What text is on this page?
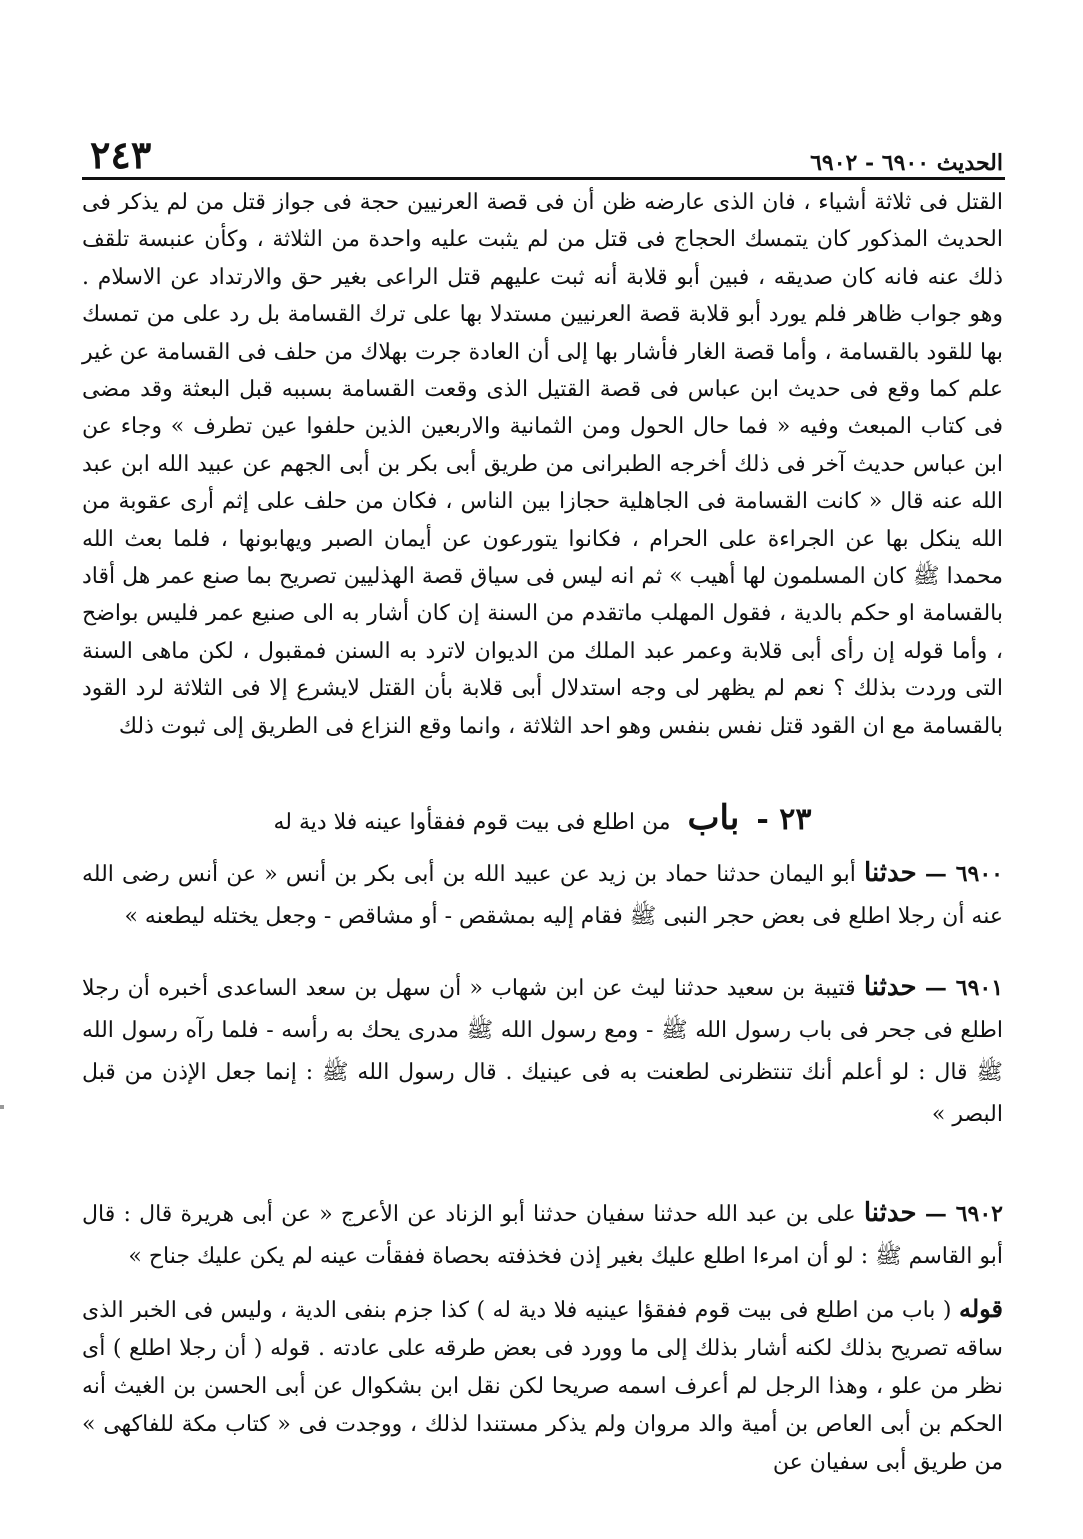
٢٤٣	الحديث ٦٩٠٠ - ٦٩٠٢

القتل فى ثلاثة أشياء ، فان الذى عارضه ظن أن فى قصة العرنيين حجة فى جواز قتل من لم يذكر فى الحديث المذكور كان يتمسك الحجاج فى قتل من لم يثبت عليه واحدة من الثلاثة ، وكأن عنبسة تلقف ذلك عنه فانه كان صديقه ، فبين أبو قلابة أنه ثبت عليهم قتل الراعى بغير حق والارتداد عن الاسلام . وهو جواب ظاهر فلم يورد أبو قلابة قصة العرنيين مستدلا بها على ترك القسامة بل رد على من تمسك بها للقود بالقسامة ، وأما قصة الغار فأشار بها إلى أن العادة جرت بهلاك من حلف فى القسامة عن غير علم كما وقع فى حديث ابن عباس فى قصة القتيل الذى وقعت القسامة بسببه قبل البعثة وقد مضى فى كتاب المبعث وفيه « فما حال الحول ومن الثمانية والاربعين الذين حلفوا عين تطرف » وجاء عن ابن عباس حديث آخر فى ذلك أخرجه الطبرانى من طريق أبى بكر بن أبى الجهم عن عبيد الله ابن عبد الله عنه قال « كانت القسامة فى الجاهلية حجازا بين الناس ، فكان من حلف على إثم أرى عقوبة من الله ينكل بها عن الجراءة على الحرام ، فكانوا يتورعون عن أيمان الصبر ويهابونها ، فلما بعث الله محمدا ﷺ كان المسلمون لها أهيب » ثم انه ليس فى سياق قصة الهذليين تصريح بما صنع عمر هل أقاد بالقسامة او حكم بالدية ، فقول المهلب ماتقدم من السنة إن كان أشار به الى صنيع عمر فليس بواضح ، وأما قوله إن رأى أبى قلابة وعمر عبد الملك من الديوان لاترد به السنن فمقبول ، لكن ماهى السنة التى وردت بذلك ؟ نعم لم يظهر لى وجه استدلال أبى قلابة بأن القتل لايشرع إلا فى الثلاثة لرد القود بالقسامة مع ان القود قتل نفس بنفس وهو احد الثلاثة ، وانما وقع النزاع فى الطريق إلى ثبوت ذلك

٢٣ - باب من اطلع فى بيت قوم ففقأوا عينه فلا دية له

٦٩٠٠ — حدثنا أبو اليمان حدثنا حماد بن زيد عن عبيد الله بن أبى بكر بن أنس « عن أنس رضى الله عنه أن رجلا اطلع فى بعض حجر النبى ﷺ فقام إليه بمشقص - أو مشاقص - وجعل يختله ليطعنه »

٦٩٠١ — حدثنا قتيبة بن سعيد حدثنا ليث عن ابن شهاب « أن سهل بن سعد الساعدى أخبره أن رجلا اطلع فى جحر فى باب رسول الله ﷺ - ومع رسول الله ﷺ مدرى يحك به رأسه - فلما رآه رسول الله ﷺ قال : لو أعلم أنك تنتظرنى لطعنت به فى عينيك . قال رسول الله ﷺ : إنما جعل الإذن من قبل البصر »

٦٩٠٢ — حدثنا على بن عبد الله حدثنا سفيان حدثنا أبو الزناد عن الأعرج « عن أبى هريرة قال : قال أبو القاسم ﷺ : لو أن امرءا اطلع عليك بغير إذن فخذفته بحصاة ففقأت عينه لم يكن عليك جناح »

قوله ( باب من اطلع فى بيت قوم ففقؤا عينيه فلا دية له ) كذا جزم بنفى الدية ، وليس فى الخبر الذى ساقه تصريح بذلك لكنه أشار بذلك إلى ما وورد فى بعض طرقه على عادته . قوله ( أن رجلا اطلع ) أى نظر من علو ، وهذا الرجل لم أعرف اسمه صريحا لكن نقل ابن بشكوال عن أبى الحسن بن الغيث أنه الحكم بن أبى العاص بن أمية والد مروان ولم يذكر مستندا لذلك ، ووجدت فى « كتاب مكة للفاكهى » من طريق أبى سفيان عن
